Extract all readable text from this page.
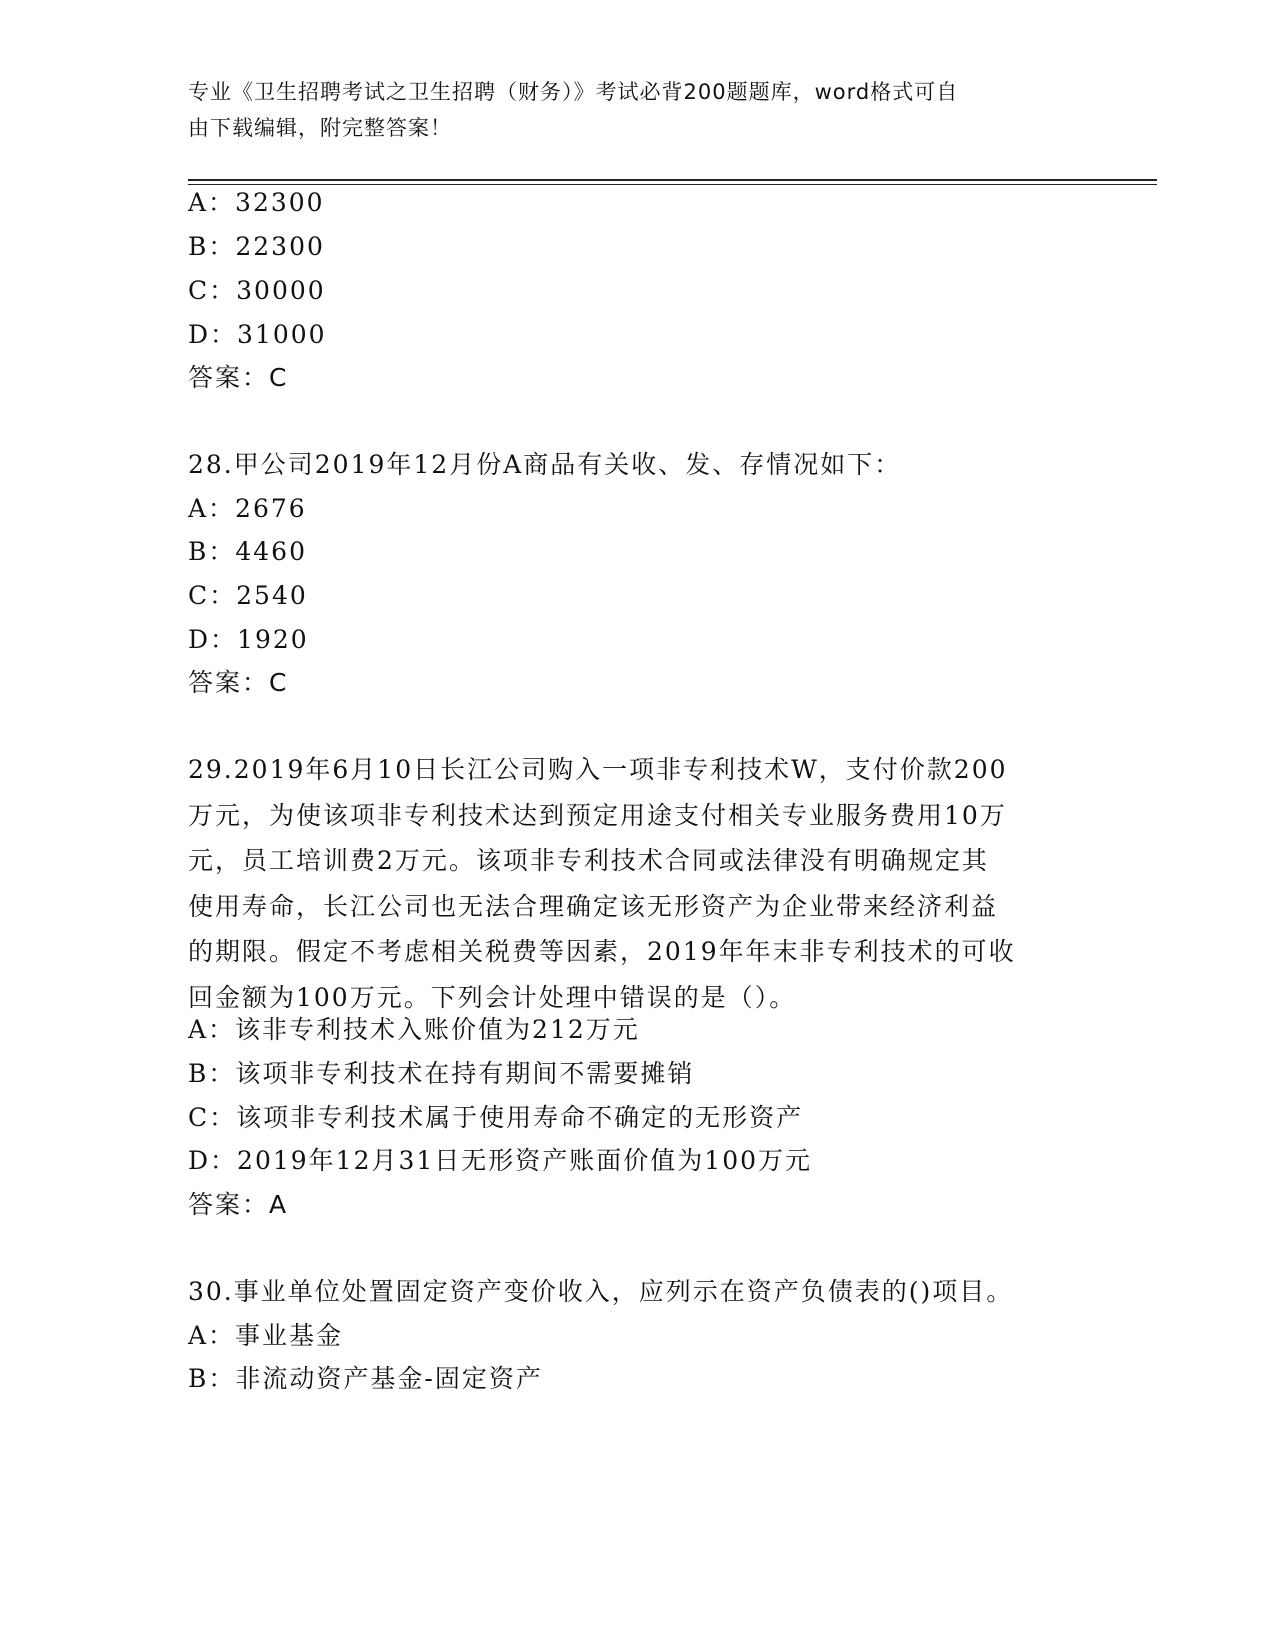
专业《卫生招聘考试之卫生招聘（财务）》考试必背200题题库，word格式可自
由下载编辑，附完整答案！
A：32300
B：22300
C：30000
D：31000
答案：C
28.甲公司2019年12月份A商品有关收、发、存情况如下：
A：2676
B：4460
C：2540
D：1920
答案：C
29.2019年6月10日长江公司购入一项非专利技术W，支付价款200
万元，为使该项非专利技术达到预定用途支付相关专业服务费用10万
元，员工培训费2万元。该项非专利技术合同或法律没有明确规定其
使用寿命，长江公司也无法合理确定该无形资产为企业带来经济利益
的期限。假定不考虑相关税费等因素，2019年年末非专利技术的可收
回金额为100万元。下列会计处理中错误的是（）。
A：该非专利技术入账价值为212万元
B：该项非专利技术在持有期间不需要摊销
C：该项非专利技术属于使用寿命不确定的无形资产
D：2019年12月31日无形资产账面价值为100万元
答案：A
30.事业单位处置固定资产变价收入，应列示在资产负债表的()项目。
A：事业基金
B：非流动资产基金-固定资产
